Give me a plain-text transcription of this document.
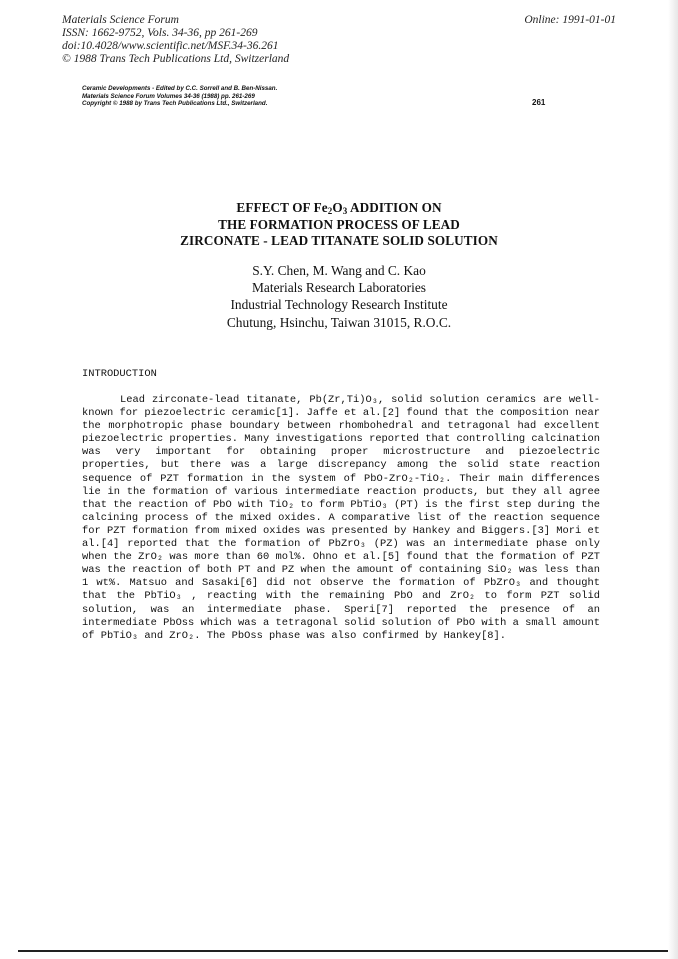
Materials Science Forum
ISSN: 1662-9752, Vols. 34-36, pp 261-269
doi:10.4028/www.scientific.net/MSF.34-36.261
© 1988 Trans Tech Publications Ltd, Switzerland
Online: 1991-01-01
Ceramic Developments - Edited by C.C. Sorrell and B. Ben-Nissan.
Materials Science Forum Volumes 34-36 (1988) pp. 261-269
Copyright © 1988 by Trans Tech Publications Ltd., Switzerland.	261
EFFECT OF $Fe_2O_3$ ADDITION ON
THE FORMATION PROCESS OF LEAD
ZIRCONATE - LEAD TITANATE SOLID SOLUTION
S.Y. Chen, M. Wang and C. Kao
Materials Research Laboratories
Industrial Technology Research Institute
Chutung, Hsinchu, Taiwan 31015, R.O.C.
INTRODUCTION
Lead zirconate-lead titanate, Pb(Zr,Ti)O₃, solid solution ceramics are well-known for piezoelectric ceramic[1]. Jaffe et al.[2] found that the composition near the morphotropic phase boundary between rhombohedral and tetragonal had excellent piezoelectric properties. Many investigations reported that controlling calcination was very important for obtaining proper microstructure and piezoelectric properties, but there was a large discrepancy among the solid state reaction sequence of PZT formation in the system of PbO-ZrO₂-TiO₂. Their main differences lie in the formation of various intermediate reaction products, but they all agree that the reaction of PbO with TiO₂ to form PbTiO₃ (PT) is the first step during the calcining process of the mixed oxides. A comparative list of the reaction sequence for PZT formation from mixed oxides was presented by Hankey and Biggers.[3] Mori et al.[4] reported that the formation of PbZrO₃ (PZ) was an intermediate phase only when the ZrO₂ was more than 60 mol%. Ohno et al.[5] found that the formation of PZT was the reaction of both PT and PZ when the amount of containing SiO₂ was less than 1 wt%. Matsuo and Sasaki[6] did not observe the formation of PbZrO₃ and thought that the PbTiO₃ , reacting with the remaining PbO and ZrO₂ to form PZT solid solution, was an intermediate phase. Speri[7] reported the presence of an intermediate PbOss which was a tetragonal solid solution of PbO with a small amount of PbTiO₃ and ZrO₂. The PbOss phase was also confirmed by Hankey[8].
